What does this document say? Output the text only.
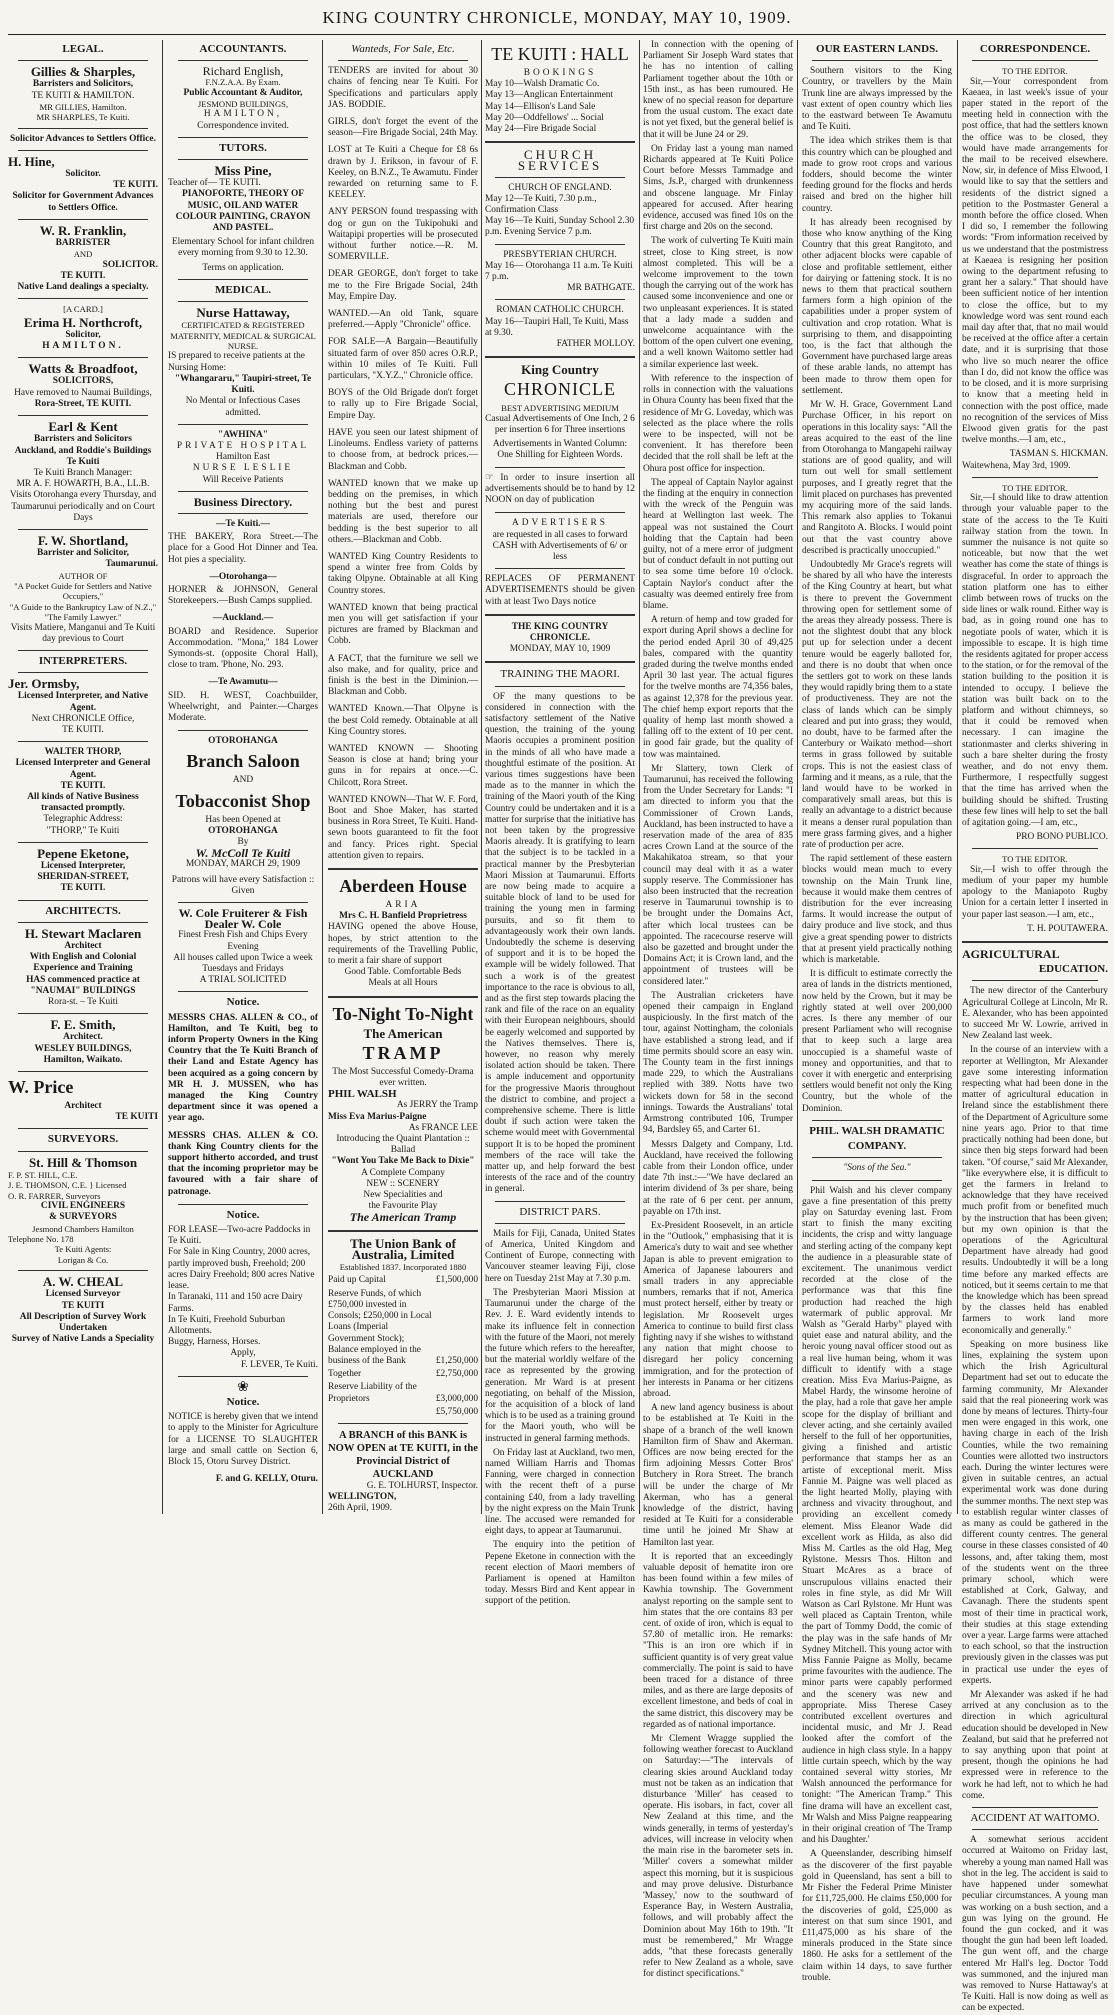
KING COUNTRY CHRONICLE, MONDAY, MAY 10, 1909.
LEGAL.
Gillies & Sharples,
Barristers and Solicitors,
TE KUITI & HAMILTON.
MR GILLIES, Hamilton.
MR SHARPLES, Te Kuiti.
Solicitor Advances to Settlers Office.
H. Hine,
Solicitor.
TE KUITI.
Solicitor for Government Advances to Settlers Office.
W. R. Franklin,
BARRISTER
AND
SOLICITOR.
TE KUITI.
Native Land dealings a specialty.
[A CARD.]
Erima H. Northcroft,
Solicitor,
HAMILTON.
Watts & Broadfoot,
SOLICITORS,
Have removed to Naumai Buildings,
Rora-Street, TE KUITI.
Earl & Kent
Barristers and Solicitors
Auckland, and Roddie's Buildings
Te Kuiti
Te Kuiti Branch Manager:
MR A. F. HOWARTH, B.A., LL.B.
Visits Otorohanga every Thursday, and Taumarunui periodically and on Court Days
F. W. Shortland,
Barrister and Solicitor,
Taumarunui.
AUTHOR OF
"A Pocket Guide for Settlers and Native Occupiers,"
"A Guide to the Bankruptcy Law of N.Z.,"
"The Family Lawyer."
Visits Matiere, Manganui and Te Kuiti day previous to Court
INTERPRETERS.
Jer. Ormsby,
Licensed Interpreter, and Native Agent.
Next CHRONICLE Office,
TE KUITI.
WALTER THORP,
Licensed Interpreter and General Agent.
TE KUITI.
All kinds of Native Business transacted promptly.
Telegraphic Address:
"THORP," Te Kuiti
Pepene Eketone,
Licensed Interpreter,
SHERIDAN-STREET,
TE KUITI.
ARCHITECTS.
H. Stewart Maclaren
Architect
With English and Colonial Experience and Training
HAS commenced practice at
"NAUMAI" BUILDINGS
Rora-st. – Te Kuiti
F. E. Smith,
Architect.
WESLEY BUILDINGS,
Hamilton, Waikato.
W. Price
Architect
TE KUITI
SURVEYORS.
St. Hill & Thomson
F. P. ST. HILL, C.E.
J. E. THOMSON, C.E. } Licensed
O. R. FARRER, Surveyors
CIVIL ENGINEERS
& SURVEYORS
Jesmond Chambers Hamilton
Telephone No. 178
Te Kuiti Agents:
Lorigan & Co.
A. W. CHEAL
Licensed Surveyor
TE KUITI
All Description of Survey Work Undertaken
Survey of Native Lands a Speciality
ACCOUNTANTS.
Richard English,
F.N.Z.A.A. By Exam.
Public Accountant & Auditor,
JESMOND BUILDINGS,
HAMILTON,
Correspondence invited.
TUTORS.
Miss Pine,
Teacher of— TE KUITI.
PIANOFORTE, THEORY OF MUSIC, OIL AND WATER COLOUR PAINTING, CRAYON AND PASTEL.
Elementary School for infant children every morning from 9.30 to 12.30.
Terms on application.
MEDICAL.
Nurse Hattaway,
CERTIFICATED & REGISTERED MATERNITY, MEDICAL & SURGICAL NURSE.
IS prepared to receive patients at the Nursing Home:
"Whangararu," Taupiri-street, Te Kuiti.
No Mental or Infectious Cases admitted.
"AWHINA"
PRIVATE HOSPITAL
Hamilton East
NURSE LESLIE
Will Receive Patients
Business Directory.
—Te Kuiti.—
THE BAKERY, Rora Street.—The place for a Good Hot Dinner and Tea. Hot pies a speciality.
—Otorohanga—
HORNER & JOHNSON, General Storekeepers.—Bush Camps supplied.
—Auckland.—
BOARD and Residence. Superior Accommodation. "Mona," 184 Lower Symonds-st. (opposite Choral Hall), close to tram. 'Phone, No. 293.
—Te Awamutu—
SID. H. WEST, Coachbuilder, Wheelwright, and Painter.—Charges Moderate.
OTOROHANGA
Branch Saloon
AND
Tobacconist Shop
Has been Opened at
OTOROHANGA
By
W. McColl Te Kuiti
MONDAY, MARCH 29, 1909
Patrons will have every Satisfaction :: Given
W. Cole Fruiterer & Fish Dealer W. Cole
Finest Fresh Fish and Chips Every Evening
All houses called upon Twice a week Tuesdays and Fridays
A TRIAL SOLICITED
Notice.
MESSRS CHAS. ALLEN & CO., of Hamilton, and Te Kuiti, beg to inform Property Owners in the King Country that the Te Kuiti Branch of their Land and Estate Agency has been acquired as a going concern by MR H. J. MUSSEN, who has managed the King Country department since it was opened a year ago.
MESSRS CHAS. ALLEN & CO. thank King Country clients for the support hitherto accorded, and trust that the incoming proprietor may be favoured with a fair share of patronage.
Notice.
FOR LEASE—Two-acre Paddocks in Te Kuiti.
For Sale in King Country, 2000 acres, partly improved bush, Freehold; 200 acres Dairy Freehold; 800 acres Native lease.
In Taranaki, 111 and 150 acre Dairy Farms.
In Te Kuiti, Freehold Suburban Allotments.
Buggy, Harness, Horses.
Apply,
F. LEVER, Te Kuiti.
❀
Notice.
NOTICE is hereby given that we intend to apply to the Minister for Agriculture for a LICENSE TO SLAUGHTER large and small cattle on Section 6, Block 15, Otoru Survey District.
F. and G. KELLY, Oturu.
Wanteds, For Sale, Etc.
TENDERS are invited for about 30 chains of fencing near Te Kuiti. For Specifications and particulars apply JAS. BODDIE.
GIRLS, don't forget the event of the season—Fire Brigade Social, 24th May.
LOST at Te Kuiti a Cheque for £8 6s drawn by J. Erikson, in favour of F. Keeley, on B.N.Z., Te Awamutu. Finder rewarded on returning same to F. KEELEY.
ANY PERSON found trespassing with dog or gun on the Tukipohuki and Waitapipi properties will be prosecuted without further notice.—R. M. SOMERVILLE.
DEAR GEORGE, don't forget to take me to the Fire Brigade Social, 24th May, Empire Day.
WANTED.—An old Tank, square preferred.—Apply "Chronicle" office.
FOR SALE—A Bargain—Beautifully situated farm of over 850 acres O.R.P., within 10 miles of Te Kuiti. Full particulars, "X.Y.Z.," Chronicle office.
BOYS of the Old Brigade don't forget to rally up to Fire Brigade Social, Empire Day.
HAVE you seen our latest shipment of Linoleums. Endless variety of patterns to choose from, at bedrock prices.—Blackman and Cobb.
WANTED known that we make up bedding on the premises, in which nothing but the best and purest materials are used, therefore our bedding is the best superior to all others.—Blackman and Cobb.
WANTED King Country Residents to spend a winter free from Colds by taking Olpyne. Obtainable at all King Country stores.
WANTED known that being practical men you will get satisfaction if your pictures are framed by Blackman and Cobb.
A FACT, that the furniture we sell we also make, and for quality, price and finish is the best in the Diminion.—Blackman and Cobb.
WANTED Known.—That Olpyne is the best Cold remedy. Obtainable at all King Country stores.
WANTED KNOWN — Shooting Season is close at hand; bring your guns in for repairs at once.—C. Chilcott, Rora Street.
WANTED KNOWN—That W. F. Ford, Boot and Shoe Maker, has started business in Rora Street, Te Kuiti. Hand-sewn boots guaranteed to fit the foot and fancy. Prices right. Special attention given to repairs.
Aberdeen House
ARIA
Mrs C. H. Banfield Proprietress
HAVING opened the above House, hopes, by strict attention to the requirements of the Travelling Public, to merit a fair share of support
Good Table. Comfortable Beds
Meals at all Hours
To-Night To-Night
The American
TRAMP
The Most Successful Comedy-Drama ever written.
PHIL WALSH
As JERRY the Tramp
Miss Eva Marius-Paigne
As FRANCE LEE
Introducing the Quaint Plantation :: Ballad
"Wont You Take Me Back to Dixie"
A Complete Company
NEW :: SCENERY
New Specialities and
the Favourite Play
The American Tramp
The Union Bank of Australia, Limited
Established 1837. Incorporated 1880
Paid up Capital	£1,500,000
Reserve Funds, of which £750,000 invested in Consols; £250,000 in Local Loans (Imperial Government Stock); Balance employed in the business of the Bank	£1,250,000
Together	£2,750,000
Reserve Liability of the Proprietors	£3,000,000
£5,750,000
A BRANCH of this BANK is NOW OPEN at TE KUITI, in the Provincial District of AUCKLAND
G. E. TOLHURST, Inspector.
WELLINGTON,
26th April, 1909.
TE KUITI : HALL
BOOKINGS
May 10—Walsh Dramatic Co.
May 13—Anglican Entertainment
May 14—Ellison's Land Sale
May 20—Oddfellows' ... Social
May 24—Fire Brigade Social
CHURCH SERVICES
CHURCH OF ENGLAND.
May 12—Te Kuiti, 7.30 p.m., Confirmation Class
May 16—Te Kuiti, Sunday School 2.30 p.m. Evening Service 7 p.m.
PRESBYTERIAN CHURCH.
May 16— Otorohanga 11 a.m. Te Kuiti 7 p.m.
MR BATHGATE.
ROMAN CATHOLIC CHURCH.
May 16—Taupiri Hall, Te Kuiti, Mass at 9.30.
FATHER MOLLOY.
King Country
CHRONICLE
BEST ADVERTISING MEDIUM
Casual Advertisements of One Inch, 2 6 per insertion 6 for Three insertions
Advertisements in Wanted Column: One Shilling for Eighteen Words.
☞ In order to insure insertion all advertisements should be to hand by 12 NOON on day of publication
ADVERTISERS
are requested in all cases to forward CASH with Advertisements of 6/ or less
REPLACES OF PERMANENT ADVERTISEMENTS should be given with at least Two Days notice
THE KING COUNTRY CHRONICLE.
MONDAY, MAY 10, 1909
TRAINING THE MAORI.

OF the many questions to be considered in connection with the satisfactory settlement of the Native question, the training of the young Maoris occupies a prominent position in the minds of all who have made a thoughtful estimate of the position. At various times suggestions have been made as to the manner in which the training of the Maori youth of the King Country could be undertaken and it is a matter for surprise that the initiative has not been taken by the progressive Maoris already. It is gratifying to learn that the subject is to be tackled in a practical manner by the Presbyterian Maori Mission at Taumarunui. Efforts are now being made to acquire a suitable block of land to be used for training the young men in farming pursuits, and so fit them to advantageously work their own lands. Undoubtedly the scheme is deserving of support and it is to be hoped the example will be widely followed. That such a work is of the greatest importance to the race is obvious to all, and as the first step towards placing the rank and file of the race on an equality with their European neighbours, should be eagerly welcomed and supported by the Natives themselves. There is, however, no reason why merely isolated action should be taken. There is ample inducement and opportunity for the progressive Maoris throughout the district to combine, and project a comprehensive scheme. There is little doubt if such action were taken the scheme would meet with Governmental support It is to be hoped the prominent members of the race will take the matter up, and help forward the best interests of the race and of the country in general.

DISTRICT PARS.

Mails for Fiji, Canada, United States of America, United Kingdom and Continent of Europe, connecting with Vancouver steamer leaving Fiji, close here on Tuesday 21st May at 7.30 p.m.

The Presbyterian Maori Mission at Taumarunui under the charge of the Rev. J. E. Ward evidently intends to make its influence felt in connection with the future of the Maori, not merely the future which refers to the hereafter, but the material worldly welfare of the race as represented by the growing generation. Mr Ward is at present negotiating, on behalf of the Mission, for the acquisition of a block of land which is to be used as a training ground for the Maori youth, who will be instructed in general farming methods.

On Friday last at Auckland, two men, named William Harris and Thomas Fanning, were charged in connection with the recent theft of a purse containing £40, from a lady travelling by the night express on the Main Trunk line. The accused were remanded for eight days, to appear at Taumarunui.

The enquiry into the petition of Pepene Eketone in connection with the recent election of Maori members of Parliament is opened at Hamilton today. Messrs Bird and Kent appear in support of the petition.

In connection with the opening of Parliament Sir Joseph Ward states that he has no intention of calling Parliament together about the 10th or 15th inst., as has been rumoured. He knew of no special reason for departure from the usual custom. The exact date is not yet fixed, but the general belief is that it will be June 24 or 29.

On Friday last a young man named Richards appeared at Te Kuiti Police Court before Messrs Tammadge and Sims, Js.P., charged with drunkenness and obscene language. Mr Finlay appeared for accused. After hearing evidence, accused was fined 10s on the first charge and 20s on the second.

The work of culverting Te Kuiti main street, close to King street, is now almost completed. This will be a welcome improvement to the town though the carrying out of the work has caused some inconvenience and one or two unpleasant experiences. It is stated that a lady made a sudden and unwelcome acquaintance with the bottom of the open culvert one evening, and a well known Waitomo settler had a similar experience last week.

With reference to the inspection of rolls in connection with the valuations in Ohura County has been fixed that the residence of Mr G. Loveday, which was selected as the place where the rolls were to be inspected, will not be convenient. It has therefore been decided that the roll shall be left at the Ohura post office for inspection.

The appeal of Captain Naylor against the finding at the enquiry in connection with the wreck of the Penguin was heard at Wellington last week. The appeal was not sustained the Court holding that the Captain had been guilty, not of a mere error of judgment but of conduct default in not putting out to sea some time before 10 o'clock. Captain Naylor's conduct after the casualty was deemed entirely free from blame.

A return of hemp and tow graded for export during April shows a decline for the period ended April 30 of 49,425 bales, compared with the quantity graded during the twelve months ended April 30 last year. The actual figures for the twelve months are 74,356 bales, as against 12,378 for the previous year. The chief hemp export reports that the quality of hemp last month showed a falling off to the extent of 10 per cent. in good fair grade, but the quality of tow was maintained.

Mr Slattery, town Clerk of Taumarunui, has received the following from the Under Secretary for Lands: "I am directed to inform you that the Commissioner of Crown Lands, Auckland, has been instructed to have a reservation made of the area of 835 acres Crown Land at the source of the Makahikatoa stream, so that your council may deal with it as a water supply reserve. The Commissioner has also been instructed that the recreation reserve in Taumarunui township is to be brought under the Domains Act, after which local trustees can be appointed. The racecourse reserve will also be gazetted and brought under the Domains Act; it is Crown land, and the appointment of trustees will be considered later."

The Australian cricketers have opened their campaign in England auspiciously. In the first match of the tour, against Nottingham, the colonials have established a strong lead, and if time permits should score an easy win. The County team in the first innings made 229, to which the Australians replied with 389. Notts have two wickets down for 58 in the second innings. Towards the Australians' total Armstrong contributed 106, Trumper 94, Bardsley 65, and Carter 61.

Messrs Dalgety and Company, Ltd. Auckland, have received the following cable from their London office, under date 7th inst.:—"We have declared an interim dividend of 3s per share, being at the rate of 6 per cent. per annum, payable on 17th inst.

Ex-President Roosevelt, in an article in the "Outlook," emphasising that it is America's duty to wait and see whether Japan is able to prevent emigration to America of Japanese labourers and small traders in any appreciable numbers, remarks that if not, America must protect herself, either by treaty or legislation. Mr Roosevelt urges America to continue to build first class fighting navy if she wishes to withstand any nation that might choose to disregard her policy concerning immigration, and for the protection of her interests in Panama or her citizens abroad.

A new land agency business is about to be established at Te Kuiti in the shape of a branch of the well known Hamilton firm of Shaw and Akerman. Offices are now being erected for the firm adjoining Messrs Cotter Bros' Butchery in Rora Street. The branch will be under the charge of Mr Akerman, who has a general knowledge of the district, having resided at Te Kuiti for a considerable time until he joined Mr Shaw at Hamilton last year.

It is reported that an exceedingly valuable deposit of hematite iron ore has been found within a few miles of Kawhia township. The Government analyst reporting on the sample sent to him states that the ore contains 83 per cent. of oxide of iron, which is equal to 57.80 of metallic iron. He remarks: "This is an iron ore which if in sufficient quantity is of very great value commercially. The point is said to have been traced for a distance of three miles, and as there are large deposits of excellent limestone, and beds of coal in the same district, this discovery may be regarded as of national importance.

Mr Clement Wragge supplied the following weather forecast to Auckland on Saturday:—"The intervals of clearing skies around Auckland today must not be taken as an indication that disturbance 'Miller' has ceased to operate. His isobars, in fact, cover all New Zealand at this time, and the winds generally, in terms of yesterday's advices, will increase in velocity when the main rise in the barometer sets in. 'Miller' covers a somewhat milder aspect this morning, but it is suspicious and may prove delusive. Disturbance 'Massey,' now to the southward of Esperance Bay, in Western Australia, follows, and will probably affect the Dominion about May 16th to 19th. "It must be remembered," Mr Wragge adds, "that these forecasts generally refer to New Zealand as a whole, save for distinct specifications."

OUR EASTERN LANDS.

Southern visitors to the King Country, or travellers by the Main Trunk line are always impressed by the vast extent of open country which lies to the eastward between Te Awamutu and Te Kuiti.

The idea which strikes them is that this country which can be ploughed and made to grow root crops and various fodders, should become the winter feeding ground for the flocks and herds raised and bred on the higher hill country.

It has already been recognised by those who know anything of the King Country that this great Rangitoto, and other adjacent blocks were capable of close and profitable settlement, either for dairying or fattening stock. It is no news to them that practical southern farmers form a high opinion of the capabilities under a proper system of cultivation and crop rotation. What is surprising to them, and disappointing too, is the fact that although the Government have purchased large areas of these arable lands, no attempt has been made to throw them open for settlement.

Mr W. H. Grace, Government Land Purchase Officer, in his report on operations in this locality says: "All the areas acquired to the east of the line from Otorohanga to Mangapehi railway stations are of good quality, and will turn out well for small settlement purposes, and I greatly regret that the limit placed on purchases has prevented my acquiring more of the said lands. This remark also applies to Tokanui and Rangitoto A. Blocks. I would point out that the vast country above described is practically unoccupied."

Undoubtedly Mr Grace's regrets will be shared by all who have the interests of the King Country at heart, but what is there to prevent the Government throwing open for settlement some of the areas they already possess. There is not the slightest doubt that any block put up for selection under a decent tenure would be eagerly balloted for, and there is no doubt that when once the settlers got to work on these lands they would rapidly bring them to a state of productiveness. They are not the class of lands which can be simply cleared and put into grass; they would, no doubt, have to be farmed after the Canterbury or Waikato method—short terms in grass followed by suitable crops. This is not the easiest class of farming and it means, as a rule, that the land would have to be worked in comparatively small areas, but this is really an advantage to a district because it means a denser rural population than mere grass farming gives, and a higher rate of production per acre.

The rapid settlement of these eastern blocks would mean much to every township on the Main Trunk line, because it would make them centres of distribution for the ever increasing farms. It would increase the output of dairy produce and live stock, and thus give a great spending power to districts that at present yield practically nothing which is marketable.

It is difficult to estimate correctly the area of lands in the districts mentioned, now held by the Crown, but it may be rightly stated at well over 200,000 acres. Is there any member of our present Parliament who will recognise that to keep such a large area unoccupied is a shameful waste of money and opportunities, and that to cover it with energetic and enterprising settlers would benefit not only the King Country, but the whole of the Dominion.

PHIL. WALSH DRAMATIC
COMPANY.
"Sons of the Sea."

Phil Walsh and his clever company gave a fine presentation of this pretty play on Saturday evening last. From start to finish the many exciting incidents, the crisp and witty language and sterling acting of the company kept the audience in a pleasurable state of excitement. The unanimous verdict recorded at the close of the performance was that this fine production had reached the high watermark of public approval. Mr Walsh as "Gerald Harby" played with quiet ease and natural ability, and the heroic young naval officer stood out as a real live human being, whom it was difficult to identify with a stage creation. Miss Eva Marius-Paigne, as Mabel Hardy, the winsome heroine of the play, had a role that gave her ample scope for the display of brilliant and clever acting, and she certainly availed herself to the full of her opportunities, giving a finished and artistic performance that stamps her as an artiste of exceptional merit. Miss Fannie M. Paigne was well placed as the light hearted Molly, playing with archness and vivacity throughout, and providing an excellent comedy element. Miss Eleanor Wade did excellent work as Hilda, as also did Miss M. Cartles as the old Hag, Meg Rylstone. Messrs Thos. Hilton and Stuart McAres as a brace of unscrupulous villains enacted their roles in fine style, as did Mr Will Watson as Carl Rylstone. Mr Hunt was well placed as Captain Trenton, while the part of Tommy Dodd, the comic of the play was in the safe hands of Mr Sydney Mitchell. This young actor with Miss Fannie Paigne as Molly, became prime favourites with the audience. The minor parts were capably performed and the scenery was new and appropriate. Miss Therese Casey contributed excellent overtures and incidental music, and Mr J. Read looked after the comfort of the audience in high class style. In a happy little curtain speech, which by the way contained several witty stories, Mr Walsh announced the performance for tonight: "The American Tramp." This fine drama will have an excellent cast, Mr Walsh and Miss Paigne reappearing in their original creation of 'The Tramp and his Daughter.'

A Queenslander, describing himself as the discoverer of the first payable gold in Queensland, has sent a bill to Mr Fisher the Federal Prime Minister for £11,725,000. He claims £50,000 for the discoveries of gold, £25,000 as interest on that sum since 1901, and £11,475,000 as his share of the minerals produced in the State since 1860. He asks for a settlement of the claim within 14 days, to save further trouble.

CORRESPONDENCE.
TO THE EDITOR.

Sir,—Your correspondent from Kaeaea, in last week's issue of your paper stated in the report of the meeting held in connection with the post office, that had the settlers known the office was to be closed, they would have made arrangements for the mail to be received elsewhere. Now, sir, in defence of Miss Elwood, I would like to say that the settlers and residents of the district signed a petition to the Postmaster General a month before the office closed. When I did so, I remember the following words: "From information received by us we understand that the postmistress at Kaeaea is resigning her position owing to the department refusing to grant her a salary." That should have been sufficient notice of her intention to close the office, but to my knowledge word was sent round each mail day after that, that no mail would be received at the office after a certain date, and it is surprising that those who live so much nearer the office than I do, did not know the office was to be closed, and it is more surprising to know that a meeting held in connection with the post office, made no recognition of the services of Miss Elwood given gratis for the past twelve months.—I am, etc.,

TASMAN S. HICKMAN.
Waitewhena, May 3rd, 1909.
TO THE EDITOR.

Sir,—I should like to draw attention through your valuable paper to the state of the access to the Te Kuiti railway station from the town. In summer the nuisance is not quite so noticeable, but now that the wet weather has come the state of things is disgraceful. In order to approach the station platform one has to either climb between rows of trucks on the side lines or walk round. Either way is bad, as in going round one has to negotiate pools of water, which it is impossible to escape. It is high time the residents agitated for proper access to the station, or for the removal of the station building to the position it is intended to occupy. I believe the station was built back on to the platform and without chimneys, so that it could be removed when necessary. I can imagine the stationmaster and clerks shivering in such a bare shelter during the frosty weather, and do not envy them. Furthermore, I respectfully suggest that the time has arrived when the building should be shifted. Trusting these few lines will help to set the ball of agitation going.—I am, etc.,

PRO BONO PUBLICO.
TO THE EDITOR.

Sir,—I wish to offer through the medium of your paper my humble apology to the Maniapoto Rugby Union for a certain letter I inserted in your paper last season.—I am, etc.,

T. H. POUTAWERA.
AGRICULTURAL
EDUCATION.

The new director of the Canterbury Agricultural College at Lincoln, Mr R. E. Alexander, who has been appointed to succeed Mr W. Lowrie, arrived in New Zealand last week.

In the course of an interview with a reporter at Wellington, Mr Alexander gave some interesting information respecting what had been done in the matter of agricultural education in Ireland since the establishment there of the Department of Agriculture some nine years ago. Prior to that time practically nothing had been done, but since then big steps forward had been taken. "Of course," said Mr Alexander, "like everywhere else, it is difficult to get the farmers in Ireland to acknowledge that they have received much profit from or benefited much by the instruction that has been given; but my own opinion is that the operations of the Agricultural Department have already had good results. Undoubtedly it will be a long time before any marked effects are noticed, but it seems certain to me that the knowledge which has been spread by the classes held has enabled farmers to work land more economically and generally."

Speaking on more business like lines, explaining the system upon which the Irish Agricultural Department had set out to educate the farming community, Mr Alexander said that the real pioneering work was done by means of lectures. Thirty-four men were engaged in this work, one having charge in each of the Irish Counties, while the two remaining Counties were allotted two instructors each. During the winter lectures were given in suitable centres, an actual experimental work was done during the summer months. The next step was to establish regular winter classes of as many as could be gathered in the different county centres. The general course in these classes consisted of 40 lessons, and, after taking them, most of the students went on the three primary school, which were established at Cork, Galway, and Cavanagh. There the students spent most of their time in practical work, their studies at this stage extending over a year. Large farms were attached to each school, so that the instruction previously given in the classes was put in practical use under the eyes of experts.

Mr Alexander was asked if he had arrived at any conclusion as to the direction in which agricultural education should be developed in New Zealand, but said that he preferred not to say anything upon that point at present, though the opinions he had expressed were in reference to the work he had left, not to which he had come.

ACCIDENT AT WAITOMO.

A somewhat serious accident occurred at Waitomo on Friday last, whereby a young man named Hall was shot in the leg. The accident is said to have happened under somewhat peculiar circumstances. A young man was working on a bush section, and a gun was lying on the ground. He found the gun cocked, and it was thought the gun had been left loaded. The gun went off, and the charge entered Mr Hall's leg. Doctor Todd was summoned, and the injured man was removed to Nurse Hattaway's at Te Kuiti. Hall is now doing as well as can be expected.
